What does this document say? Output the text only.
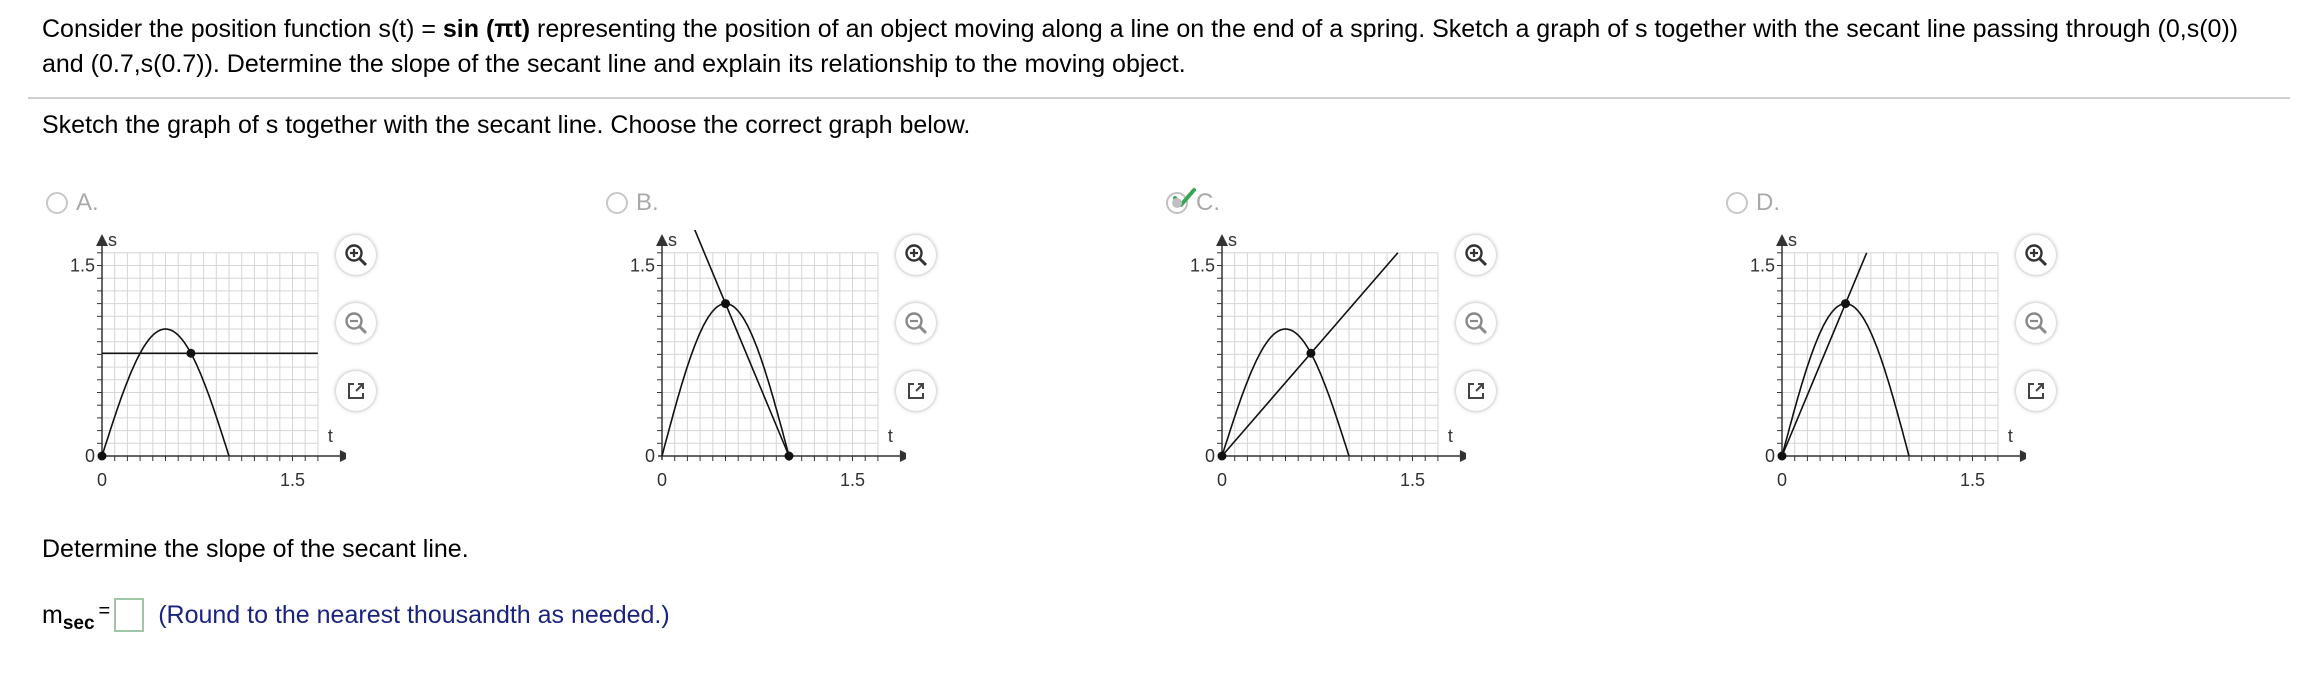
Consider the position function s(t) = sin (πt) representing the position of an object moving along a line on the end of a spring. Sketch a graph of s together with the secant line passing through (0,s(0)) and (0.7,s(0.7)). Determine the slope of the secant line and explain its relationship to the moving object.
Sketch the graph of s together with the secant line. Choose the correct graph below.
A.
s
1.5
0
0	1.5
t
B.
s
1.5
0
0	1.5
t
C.
s
1.5
0
0	1.5
t
D.
s
1.5
0
0	1.5
t
Determine the slope of the secant line.
m sec
= (Round to the nearest thousandth as needed.)
